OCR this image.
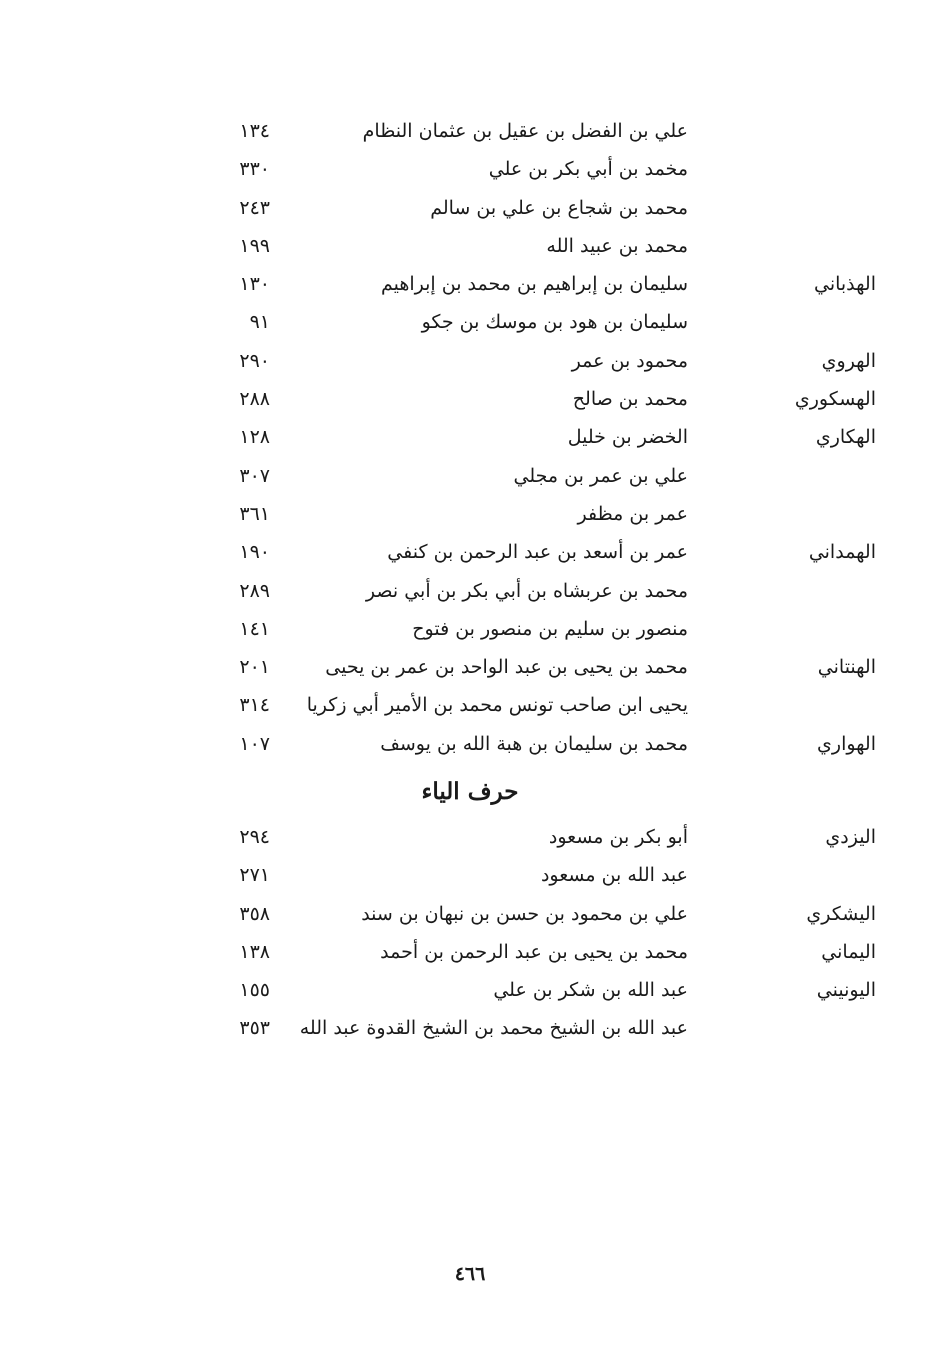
علي بن الفضل بن عقيل بن عثمان النظام
١٣٤
مخمد بن أبي بكر بن علي
٣٣٠
محمد بن شجاع بن علي بن سالم
٢٤٣
محمد بن عبيد الله
١٩٩
الهذباني
سليمان بن إبراهيم بن محمد بن إبراهيم
١٣٠
سليمان بن هود بن موسك بن جكو
٩١
الهروي
محمود بن عمر
٢٩٠
الهسكوري
محمد بن صالح
٢٨٨
الهكاري
الخضر بن خليل
١٢٨
علي بن عمر بن مجلي
٣٠٧
عمر بن مظفر
٣٦١
الهمداني
عمر بن أسعد بن عبد الرحمن بن كنفي
١٩٠
محمد بن عربشاه بن أبي بكر بن أبي نصر
٢٨٩
منصور بن سليم بن منصور بن فتوح
١٤١
الهنتاني
محمد بن يحيى بن عبد الواحد بن عمر بن يحيى
٢٠١
يحيى ابن صاحب تونس محمد بن الأمير أبي زكريا
٣١٤
الهواري
محمد بن سليمان بن هبة الله بن يوسف
١٠٧
حرف الياء
اليزدي
أبو بكر بن مسعود
٢٩٤
عبد الله بن مسعود
٢٧١
اليشكري
علي بن محمود بن حسن بن نبهان بن سند
٣٥٨
اليماني
محمد بن يحيى بن عبد الرحمن بن أحمد
١٣٨
اليونيني
عبد الله بن شكر بن علي
١٥٥
عبد الله بن الشيخ محمد بن الشيخ القدوة عبد الله
٣٥٣
٤٦٦
